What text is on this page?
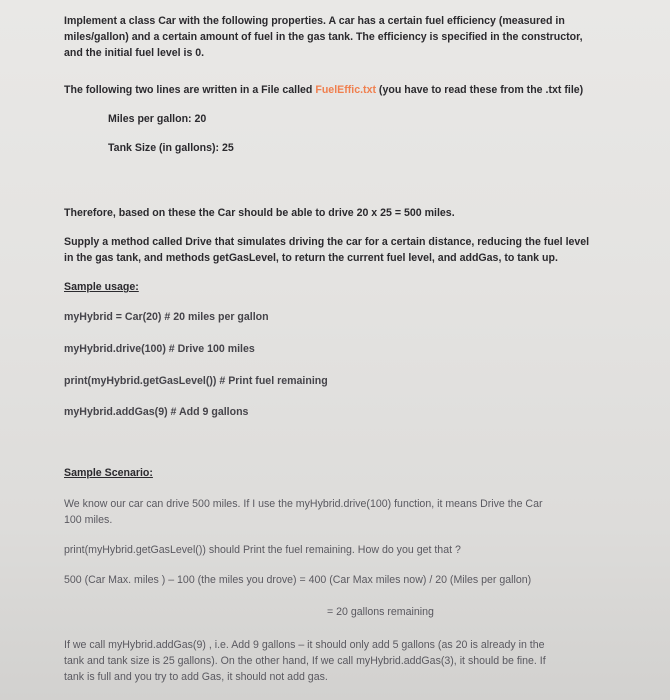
Implement a class Car with the following properties. A car has a certain fuel efficiency (measured in
miles/gallon) and a certain amount of fuel in the gas tank. The efficiency is specified in the constructor,
and the initial fuel level is 0.
The following two lines are written in a File called FuelEffic.txt (you have to read these from the .txt file)
Miles per gallon: 20
Tank Size (in gallons): 25
Therefore, based on these the Car should be able to drive 20 x 25 = 500 miles.
Supply a method called Drive that simulates driving the car for a certain distance, reducing the fuel level
in the gas tank, and methods getGasLevel, to return the current fuel level, and addGas, to tank up.
Sample usage:
myHybrid = Car(20) # 20 miles per gallon
myHybrid.drive(100) # Drive 100 miles
print(myHybrid.getGasLevel()) # Print fuel remaining
myHybrid.addGas(9) # Add 9 gallons
Sample Scenario:
We know our car can drive 500 miles. If I use the myHybrid.drive(100) function, it means Drive the Car
100 miles.
print(myHybrid.getGasLevel()) should Print the fuel remaining. How do you get that ?
500 (Car Max. miles ) – 100 (the miles you drove) = 400 (Car Max miles now) / 20 (Miles per gallon)
= 20 gallons remaining
If we call myHybrid.addGas(9) , i.e. Add 9 gallons – it should only add 5 gallons (as 20 is already in the
tank and tank size is 25 gallons). On the other hand, If we call myHybrid.addGas(3), it should be fine. If
tank is full and you try to add Gas, it should not add gas.
